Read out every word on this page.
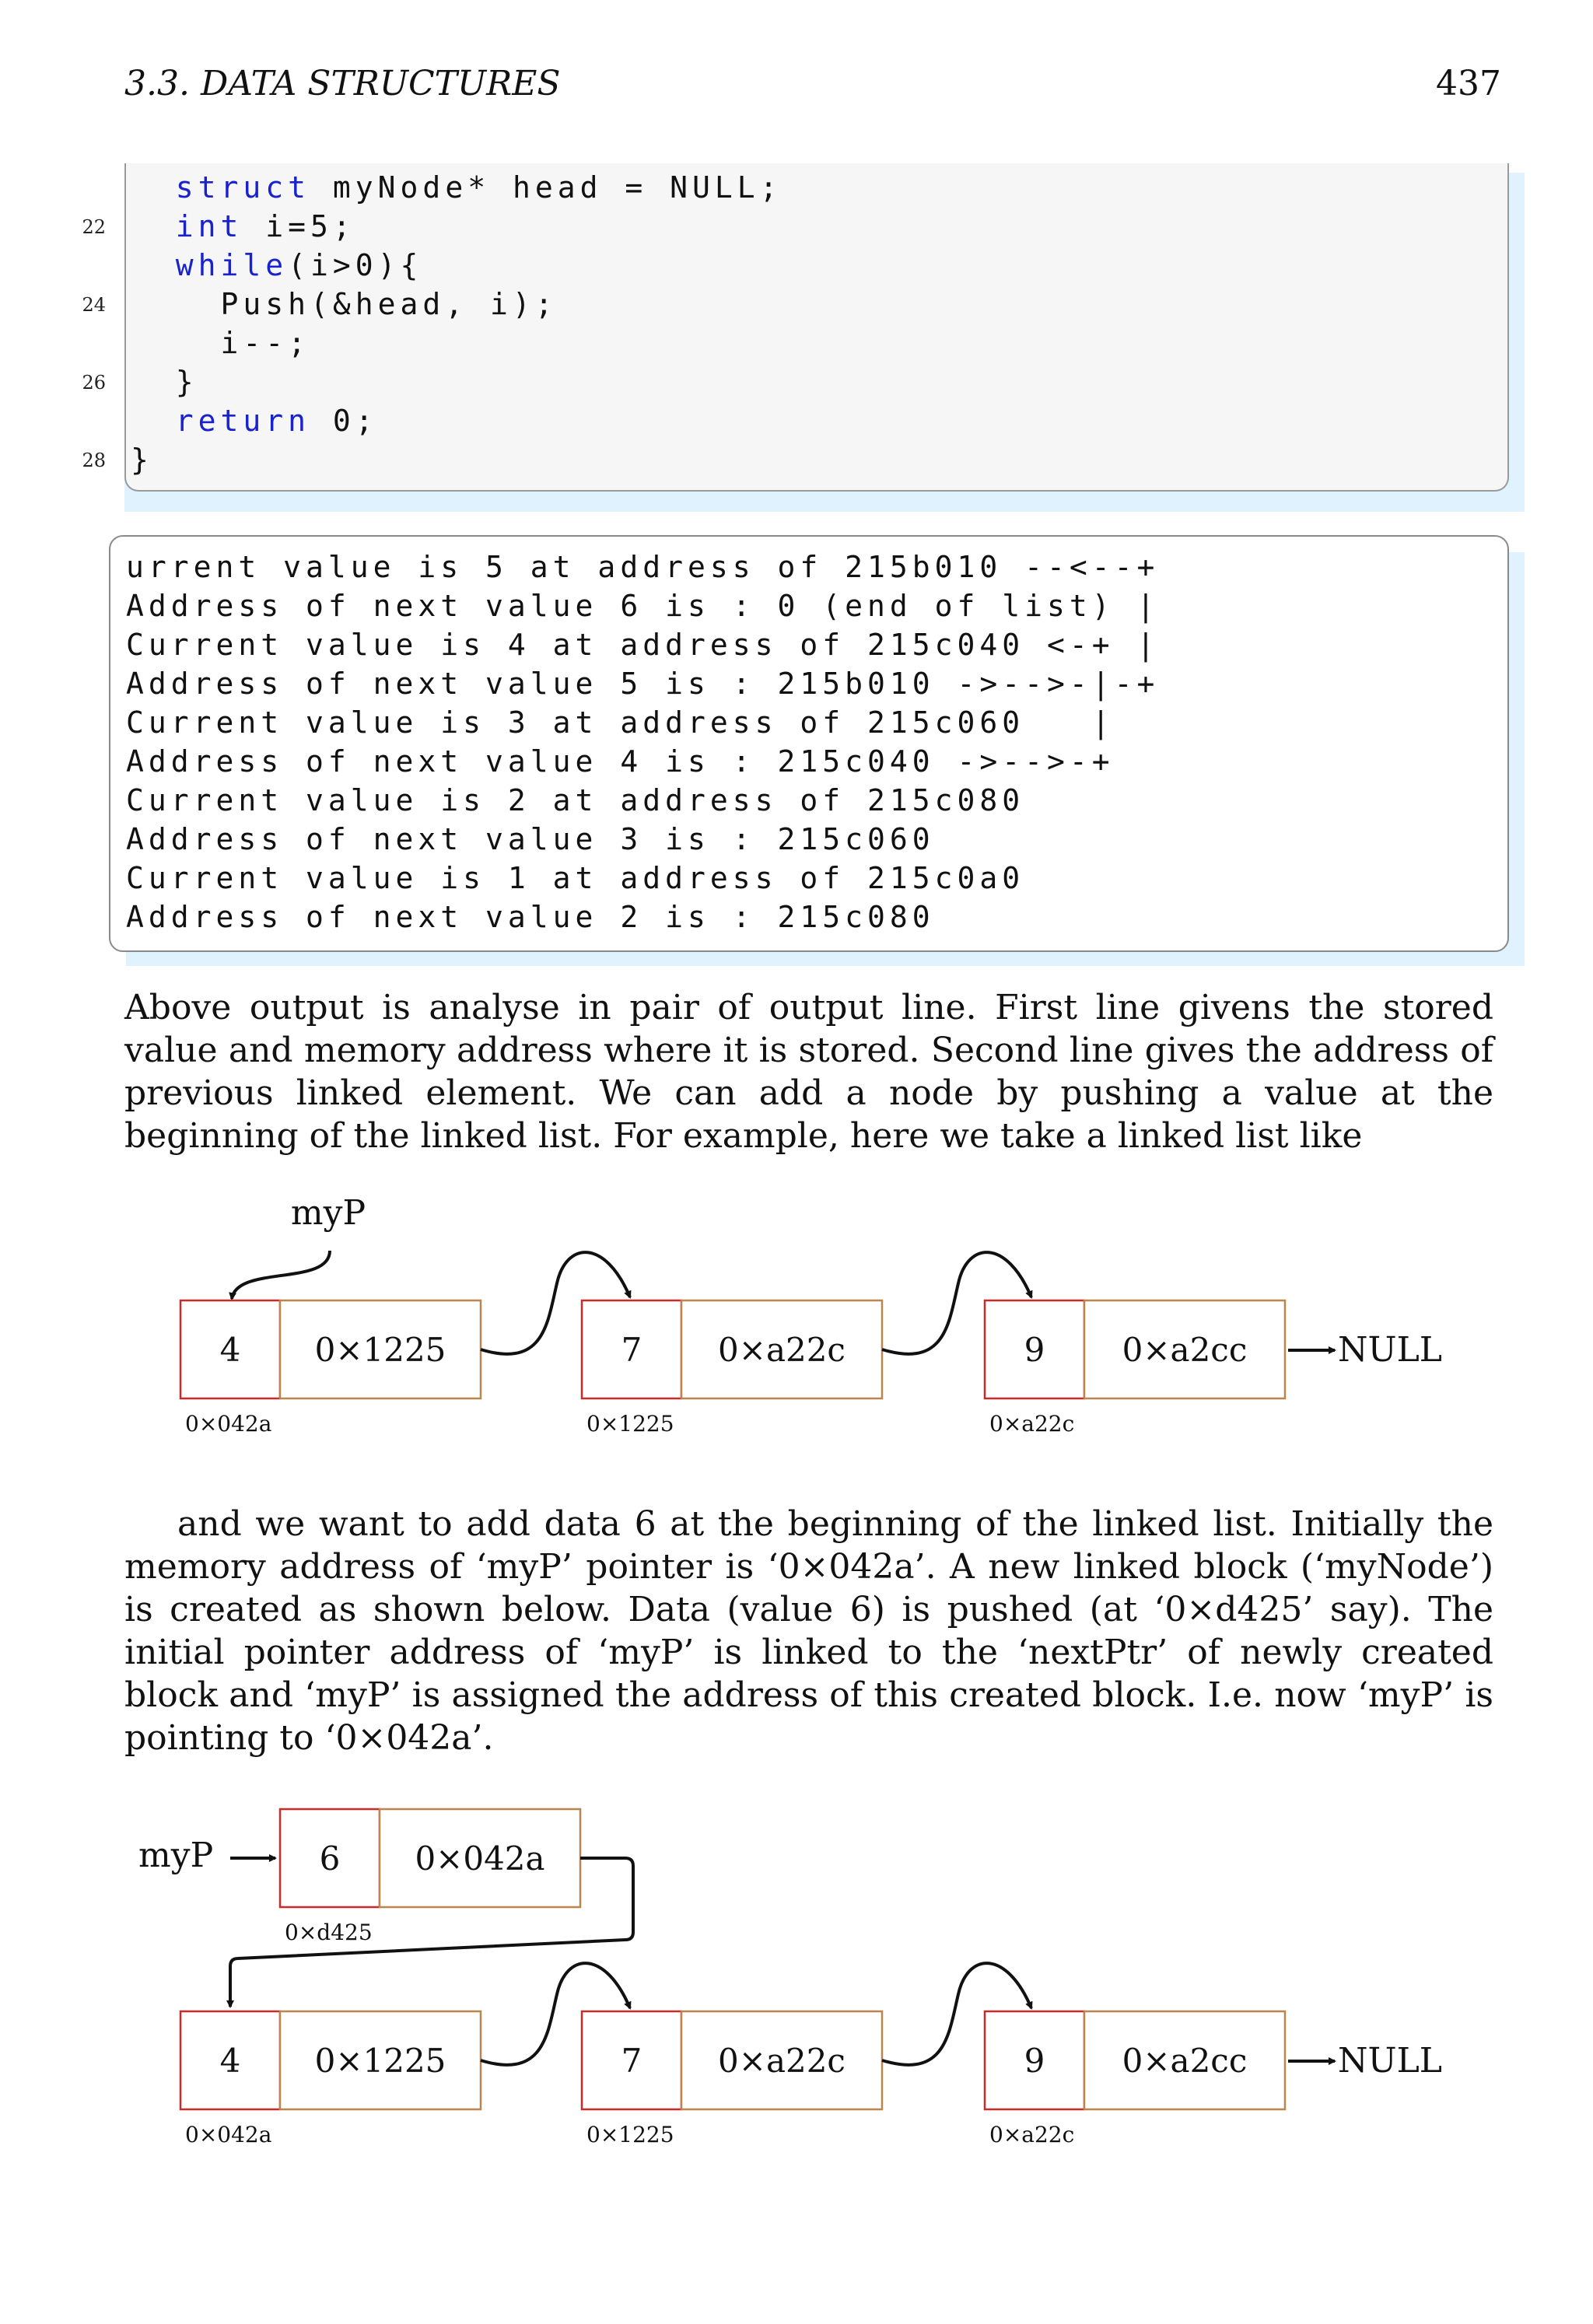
3.3. DATA STRUCTURES	437
struct myNode* head = NULL;
int i=5;
22
while(i>0){
Push(&head, i);
24
i--;
}
26
return 0;
}
28
urrent value is 5 at address of 215b010 --<--+
Address of next value 6 is : 0 (end of list) |
Current value is 4 at address of 215c040 <-+ |
Address of next value 5 is : 215b010 ->-->-|-+
Current value is 3 at address of 215c060   |
Address of next value 4 is : 215c040 ->-->-+
Current value is 2 at address of 215c080
Address of next value 3 is : 215c060
Current value is 1 at address of 215c0a0
Address of next value 2 is : 215c080
Above output is analyse in pair of output line. First line givens the stored value and memory address where it is stored. Second line gives the address of previous linked element. We can add a node by pushing a value at the beginning of the linked list. For example, here we take a linked list like
myP
4 0×1225
0×042a
7 0×a22c
0×1225
9 0×a2cc
0×a22c
NULL
and we want to add data 6 at the beginning of the linked list. Initially the memory address of ‘myP’ pointer is ‘0×042a’. A new linked block (‘myNode’) is created as shown below. Data (value 6) is pushed (at ‘0×d425’ say). The initial pointer address of ‘myP’ is linked to the ‘nextPtr’ of newly created block and ‘myP’ is assigned the address of this created block. I.e. now ‘myP’ is pointing to ‘0×042a’.
myP	6 0×042a
0×d425
4 0×1225
0×042a
7 0×a22c
0×1225
9 0×a2cc
0×a22c
NULL
